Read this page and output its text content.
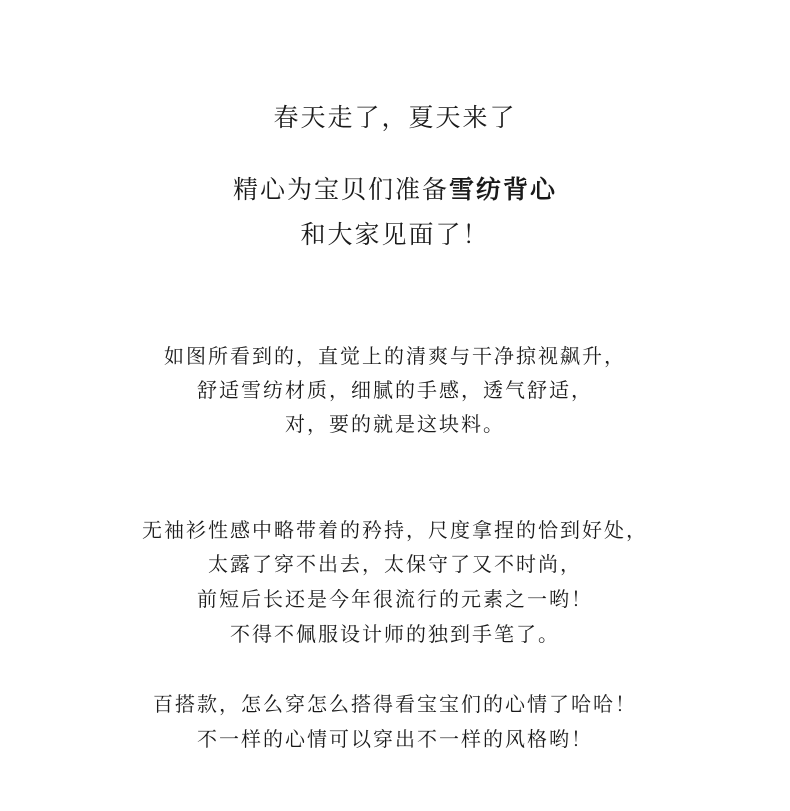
春天走了，夏天来了
精心为宝贝们准备雪纺背心
和大家见面了！
如图所看到的，直觉上的清爽与干净掠视飙升，
舒适雪纺材质，细腻的手感，透气舒适，
对，要的就是这块料。
无袖衫性感中略带着的矜持，尺度拿捏的恰到好处，
太露了穿不出去，太保守了又不时尚，
前短后长还是今年很流行的元素之一哟！
不得不佩服设计师的独到手笔了。
百搭款，怎么穿怎么搭得看宝宝们的心情了哈哈！
不一样的心情可以穿出不一样的风格哟！
